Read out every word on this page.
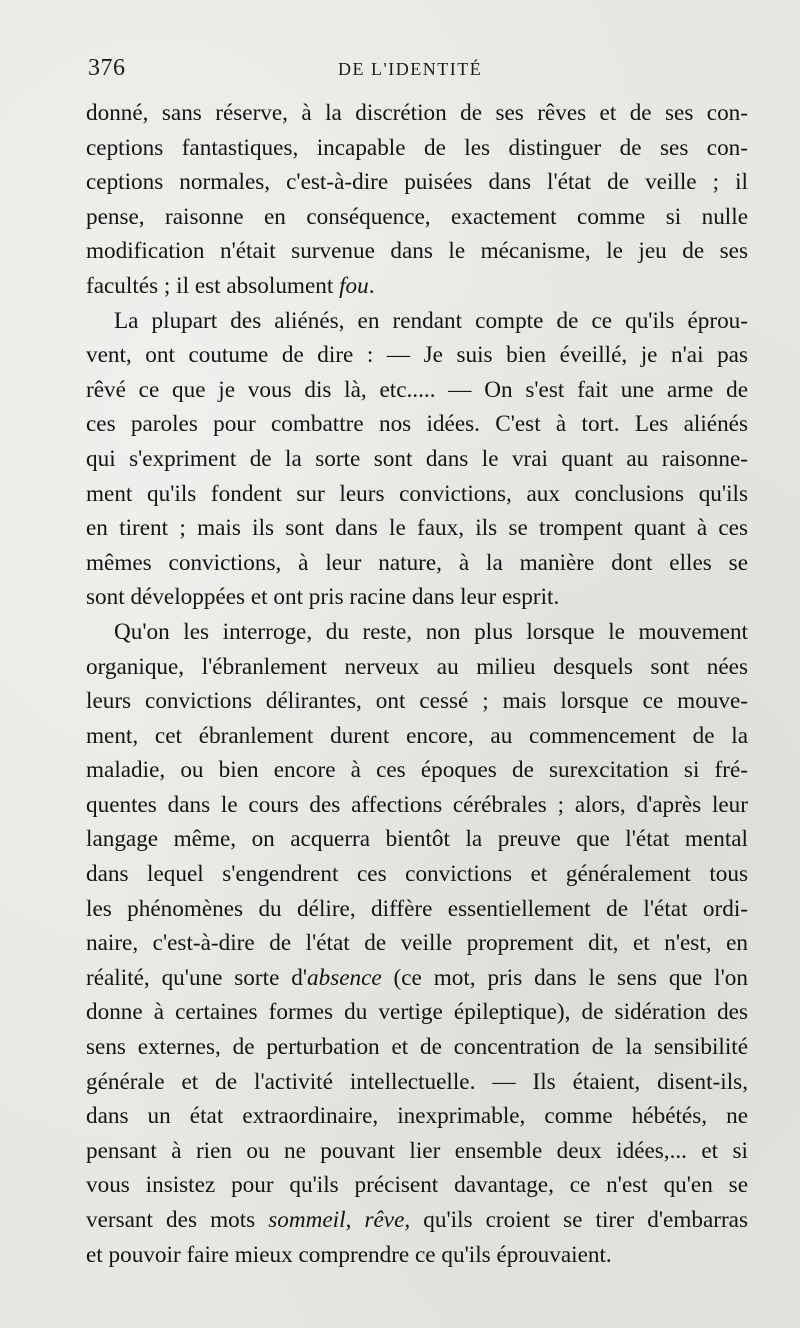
376	DE L'IDENTITÉ
donné, sans réserve, à la discrétion de ses rêves et de ses con-
ceptions fantastiques, incapable de les distinguer de ses con-
ceptions normales, c'est-à-dire puisées dans l'état de veille ; il
pense, raisonne en conséquence, exactement comme si nulle
modification n'était survenue dans le mécanisme, le jeu de ses
facultés ; il est absolument fou.
La plupart des aliénés, en rendant compte de ce qu'ils éprou-
vent, ont coutume de dire : — Je suis bien éveillé, je n'ai pas
rêvé ce que je vous dis là, etc..... — On s'est fait une arme de
ces paroles pour combattre nos idées. C'est à tort. Les aliénés
qui s'expriment de la sorte sont dans le vrai quant au raisonne-
ment qu'ils fondent sur leurs convictions, aux conclusions qu'ils
en tirent ; mais ils sont dans le faux, ils se trompent quant à ces
mêmes convictions, à leur nature, à la manière dont elles se
sont développées et ont pris racine dans leur esprit.
Qu'on les interroge, du reste, non plus lorsque le mouvement
organique, l'ébranlement nerveux au milieu desquels sont nées
leurs convictions délirantes, ont cessé ; mais lorsque ce mouve-
ment, cet ébranlement durent encore, au commencement de la
maladie, ou bien encore à ces époques de surexcitation si fré-
quentes dans le cours des affections cérébrales ; alors, d'après leur
langage même, on acquerra bientôt la preuve que l'état mental
dans lequel s'engendrent ces convictions et généralement tous
les phénomènes du délire, diffère essentiellement de l'état ordi-
naire, c'est-à-dire de l'état de veille proprement dit, et n'est, en
réalité, qu'une sorte d'absence (ce mot, pris dans le sens que l'on
donne à certaines formes du vertige épileptique), de sidération des
sens externes, de perturbation et de concentration de la sensibilité
générale et de l'activité intellectuelle. — Ils étaient, disent-ils,
dans un état extraordinaire, inexprimable, comme hébétés, ne
pensant à rien ou ne pouvant lier ensemble deux idées,... et si
vous insistez pour qu'ils précisent davantage, ce n'est qu'en se
versant des mots sommeil, rêve, qu'ils croient se tirer d'embarras
et pouvoir faire mieux comprendre ce qu'ils éprouvaient.
